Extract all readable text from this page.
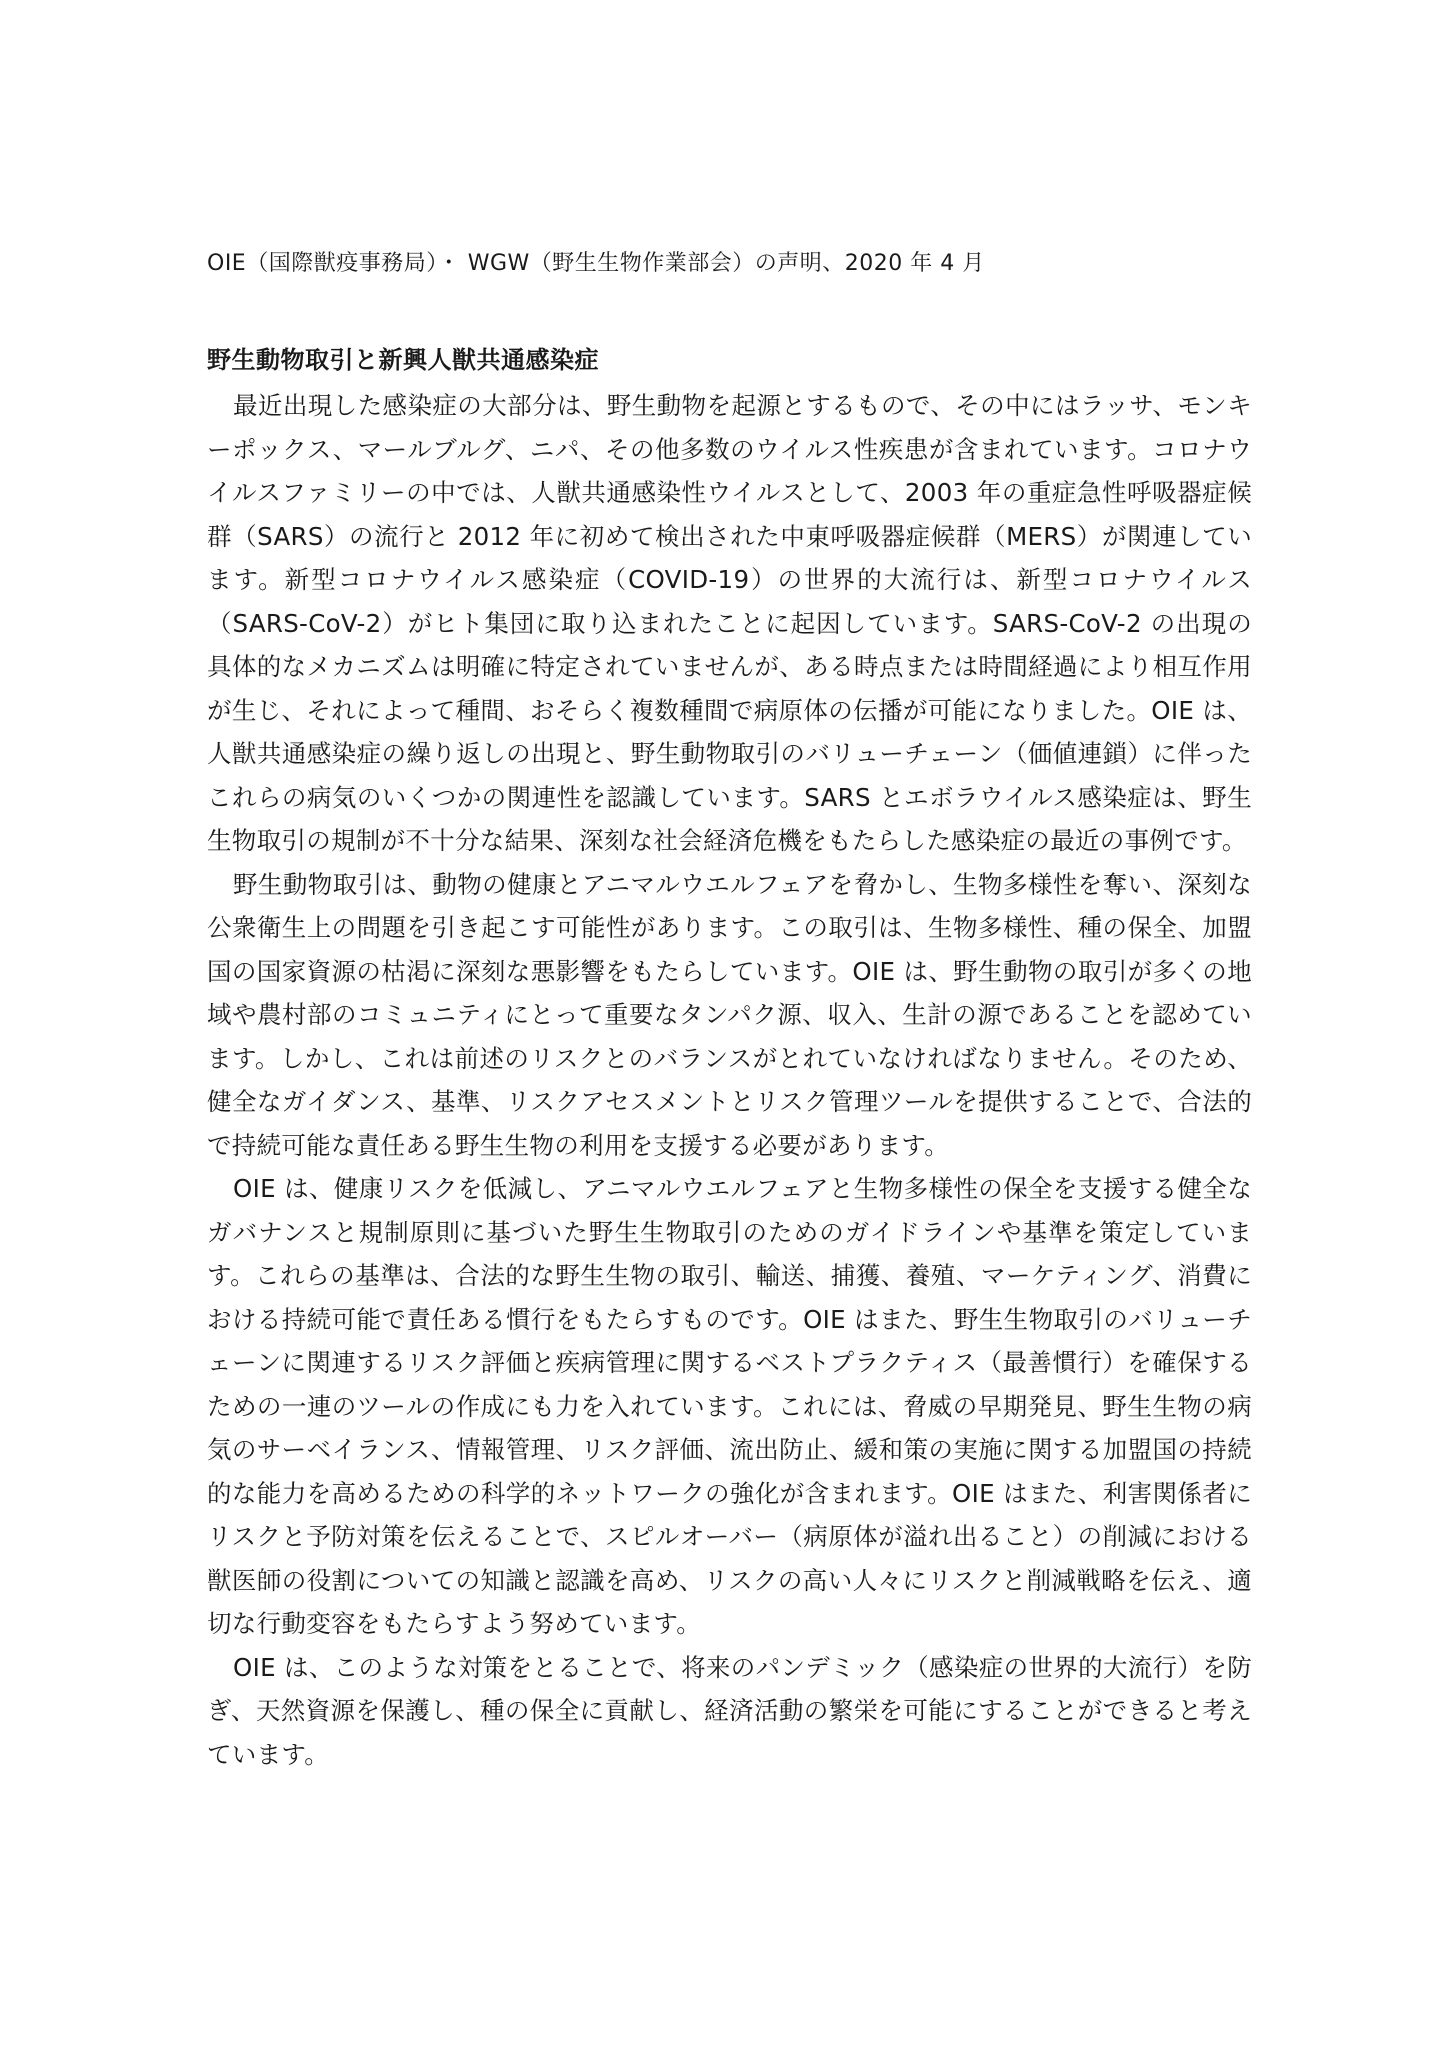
OIE（国際獣疫事務局）・ WGW（野生生物作業部会）の声明、2020 年 4 月

野生動物取引と新興人獣共通感染症

最近出現した感染症の大部分は、野生動物を起源とするもので、その中にはラッサ、モンキーポックス、マールブルグ、ニパ、その他多数のウイルス性疾患が含まれています。コロナウイルスファミリーの中では、人獣共通感染性ウイルスとして、2003 年の重症急性呼吸器症候群（SARS）の流行と 2012 年に初めて検出された中東呼吸器症候群（MERS）が関連しています。新型コロナウイルス感染症（COVID-19）の世界的大流行は、新型コロナウイルス（SARS-CoV-2）がヒト集団に取り込まれたことに起因しています。SARS-CoV-2 の出現の具体的なメカニズムは明確に特定されていませんが、ある時点または時間経過により相互作用が生じ、それによって種間、おそらく複数種間で病原体の伝播が可能になりました。OIE は、人獣共通感染症の繰り返しの出現と、野生動物取引のバリューチェーン（価値連鎖）に伴ったこれらの病気のいくつかの関連性を認識しています。SARS とエボラウイルス感染症は、野生生物取引の規制が不十分な結果、深刻な社会経済危機をもたらした感染症の最近の事例です。

野生動物取引は、動物の健康とアニマルウエルフェアを脅かし、生物多様性を奪い、深刻な公衆衛生上の問題を引き起こす可能性があります。この取引は、生物多様性、種の保全、加盟国の国家資源の枯渇に深刻な悪影響をもたらしています。OIE は、野生動物の取引が多くの地域や農村部のコミュニティにとって重要なタンパク源、収入、生計の源であることを認めています。しかし、これは前述のリスクとのバランスがとれていなければなりません。そのため、健全なガイダンス、基準、リスクアセスメントとリスク管理ツールを提供することで、合法的で持続可能な責任ある野生生物の利用を支援する必要があります。

OIE は、健康リスクを低減し、アニマルウエルフェアと生物多様性の保全を支援する健全なガバナンスと規制原則に基づいた野生生物取引のためのガイドラインや基準を策定しています。これらの基準は、合法的な野生生物の取引、輸送、捕獲、養殖、マーケティング、消費における持続可能で責任ある慣行をもたらすものです。OIE はまた、野生生物取引のバリューチェーンに関連するリスク評価と疾病管理に関するベストプラクティス（最善慣行）を確保するための一連のツールの作成にも力を入れています。これには、脅威の早期発見、野生生物の病気のサーベイランス、情報管理、リスク評価、流出防止、緩和策の実施に関する加盟国の持続的な能力を高めるための科学的ネットワークの強化が含まれます。OIE はまた、利害関係者にリスクと予防対策を伝えることで、スピルオーバー（病原体が溢れ出ること）の削減における獣医師の役割についての知識と認識を高め、リスクの高い人々にリスクと削減戦略を伝え、適切な行動変容をもたらすよう努めています。

OIE は、このような対策をとることで、将来のパンデミック（感染症の世界的大流行）を防ぎ、天然資源を保護し、種の保全に貢献し、経済活動の繁栄を可能にすることができると考えています。
